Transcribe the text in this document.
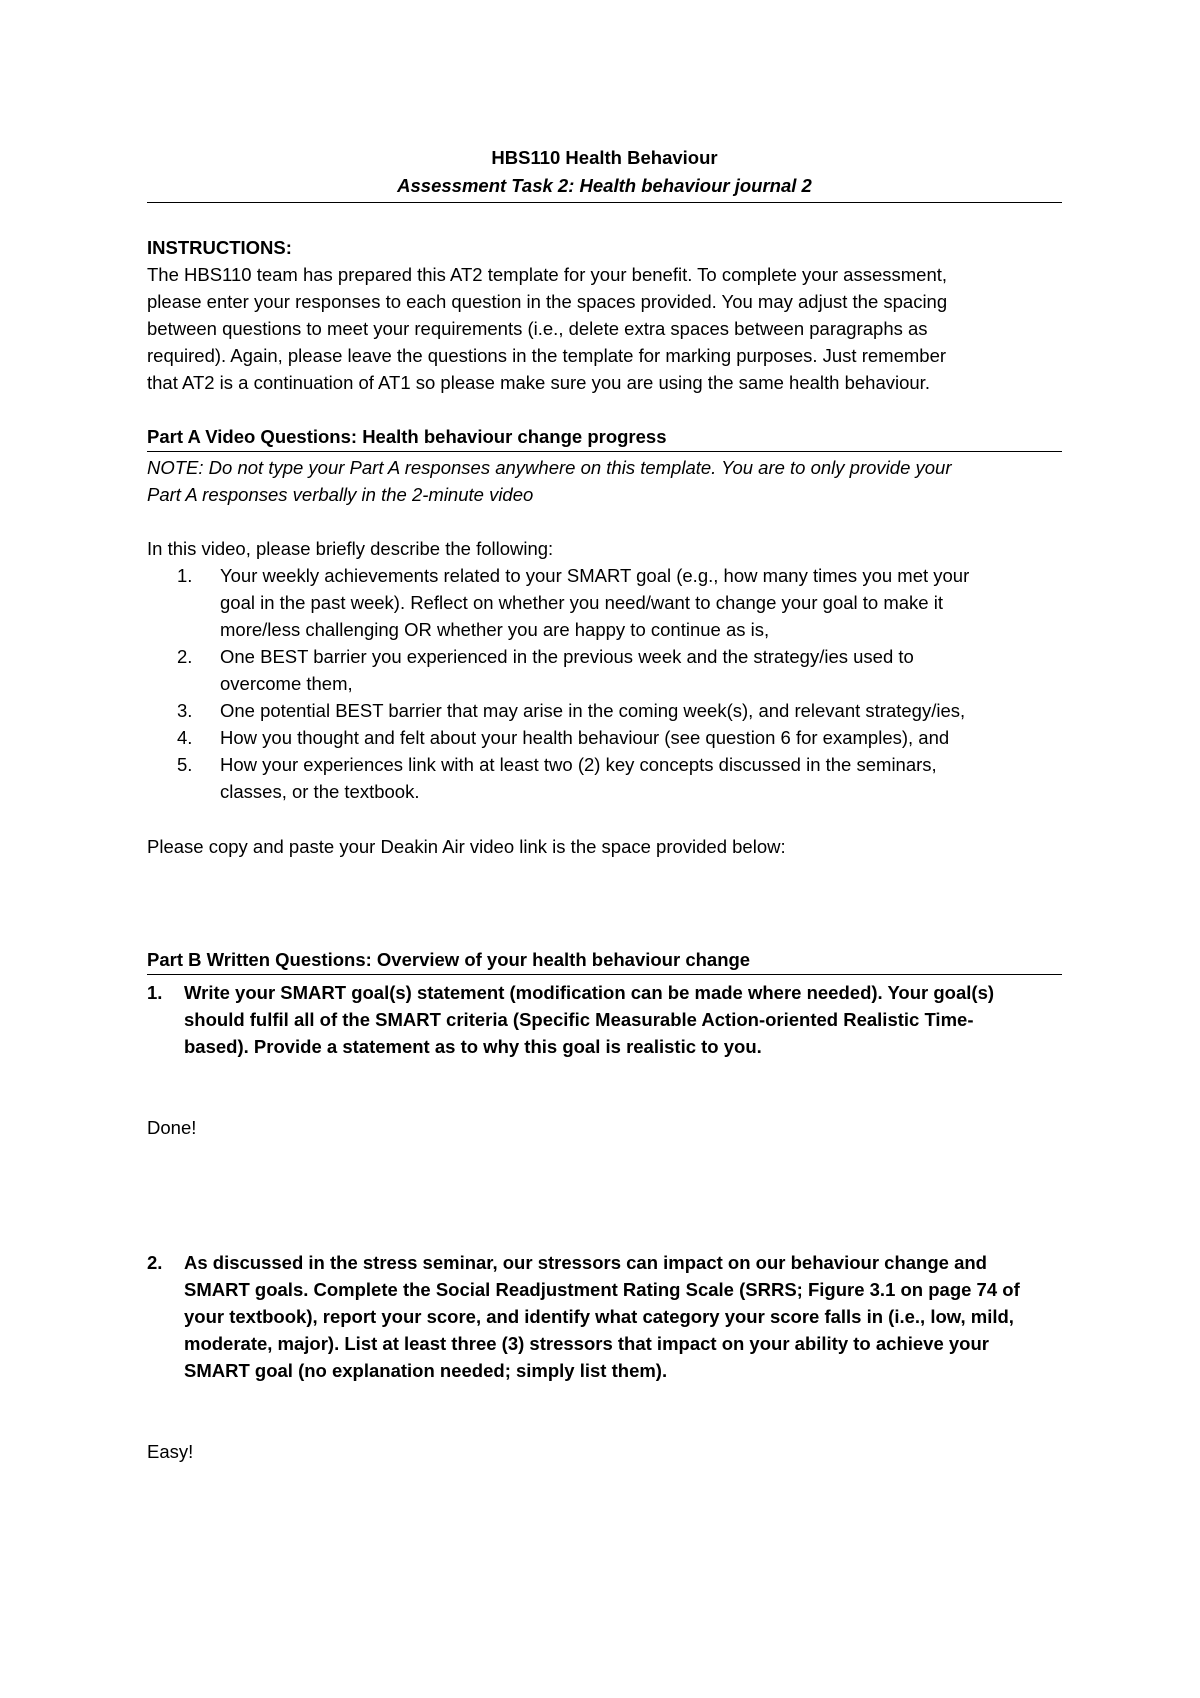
HBS110 Health Behaviour
Assessment Task 2: Health behaviour journal 2
INSTRUCTIONS:
The HBS110 team has prepared this AT2 template for your benefit. To complete your assessment,
please enter your responses to each question in the spaces provided. You may adjust the spacing
between questions to meet your requirements (i.e., delete extra spaces between paragraphs as
required). Again, please leave the questions in the template for marking purposes. Just remember
that AT2 is a continuation of AT1 so please make sure you are using the same health behaviour.
Part A Video Questions: Health behaviour change progress
NOTE: Do not type your Part A responses anywhere on this template. You are to only provide your
Part A responses verbally in the 2-minute video
In this video, please briefly describe the following:
1. Your weekly achievements related to your SMART goal (e.g., how many times you met your
goal in the past week). Reflect on whether you need/want to change your goal to make it
more/less challenging OR whether you are happy to continue as is,
2. One BEST barrier you experienced in the previous week and the strategy/ies used to
overcome them,
3. One potential BEST barrier that may arise in the coming week(s), and relevant strategy/ies,
4. How you thought and felt about your health behaviour (see question 6 for examples), and
5. How your experiences link with at least two (2) key concepts discussed in the seminars,
classes, or the textbook.
Please copy and paste your Deakin Air video link is the space provided below:
Part B Written Questions: Overview of your health behaviour change
1. Write your SMART goal(s) statement (modification can be made where needed). Your goal(s)
should fulfil all of the SMART criteria (Specific Measurable Action-oriented Realistic Time-
based). Provide a statement as to why this goal is realistic to you.
Done!
2. As discussed in the stress seminar, our stressors can impact on our behaviour change and
SMART goals. Complete the Social Readjustment Rating Scale (SRRS; Figure 3.1 on page 74 of
your textbook), report your score, and identify what category your score falls in (i.e., low, mild,
moderate, major). List at least three (3) stressors that impact on your ability to achieve your
SMART goal (no explanation needed; simply list them).
Easy!
